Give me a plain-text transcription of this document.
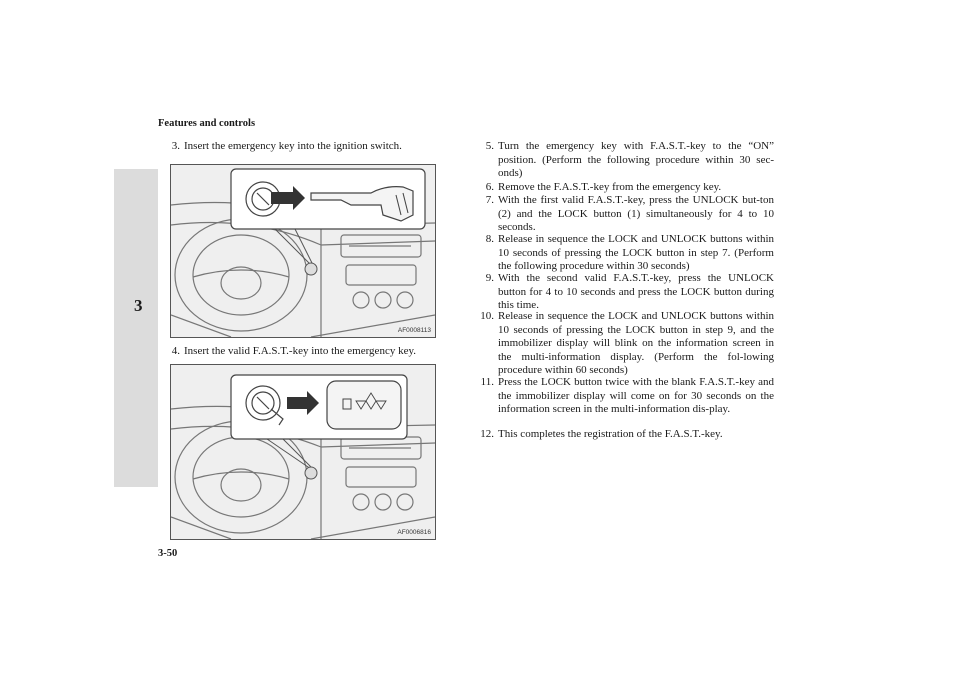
Features and controls
3
3-50
3. Insert the emergency key into the ignition switch.
AF0008113
4. Insert the valid F.A.S.T.-key into the emergency key.
AF0006816
5. Turn the emergency key with F.A.S.T.-key to the “ON” position. (Perform the following procedure within 30 sec-onds)
6. Remove the F.A.S.T.-key from the emergency key.
7. With the first valid F.A.S.T.-key, press the UNLOCK but-ton (2) and the LOCK button (1) simultaneously for 4 to 10 seconds.
8. Release in sequence the LOCK and UNLOCK buttons within 10 seconds of pressing the LOCK button in step 7. (Perform the following procedure within 30 seconds)
9. With the second valid F.A.S.T.-key, press the UNLOCK button for 4 to 10 seconds and press the LOCK button during this time.
10. Release in sequence the LOCK and UNLOCK buttons within 10 seconds of pressing the LOCK button in step 9, and the immobilizer display will blink on the information screen in the multi-information display. (Perform the fol-lowing procedure within 60 seconds)
11. Press the LOCK button twice with the blank F.A.S.T.-key and the immobilizer display will come on for 30 seconds on the information screen in the multi-information dis-play.
12. This completes the registration of the F.A.S.T.-key.
